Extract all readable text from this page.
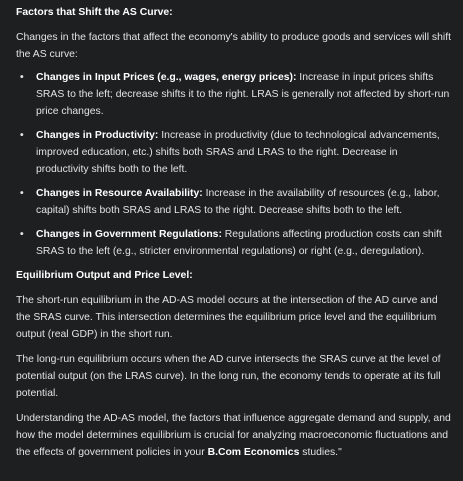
Factors that Shift the AS Curve:

Changes in the factors that affect the economy's ability to produce goods and services will shift the AS curve:

• Changes in Input Prices (e.g., wages, energy prices): Increase in input prices shifts SRAS to the left; decrease shifts it to the right. LRAS is generally not affected by short-run price changes.
• Changes in Productivity: Increase in productivity (due to technological advancements, improved education, etc.) shifts both SRAS and LRAS to the right. Decrease in productivity shifts both to the left.
• Changes in Resource Availability: Increase in the availability of resources (e.g., labor, capital) shifts both SRAS and LRAS to the right. Decrease shifts both to the left.
• Changes in Government Regulations: Regulations affecting production costs can shift SRAS to the left (e.g., stricter environmental regulations) or right (e.g., deregulation).

Equilibrium Output and Price Level:

The short-run equilibrium in the AD-AS model occurs at the intersection of the AD curve and the SRAS curve. This intersection determines the equilibrium price level and the equilibrium output (real GDP) in the short run.

The long-run equilibrium occurs when the AD curve intersects the SRAS curve at the level of potential output (on the LRAS curve). In the long run, the economy tends to operate at its full potential.

Understanding the AD-AS model, the factors that influence aggregate demand and supply, and how the model determines equilibrium is crucial for analyzing macroeconomic fluctuations and the effects of government policies in your B.Com Economics studies."
